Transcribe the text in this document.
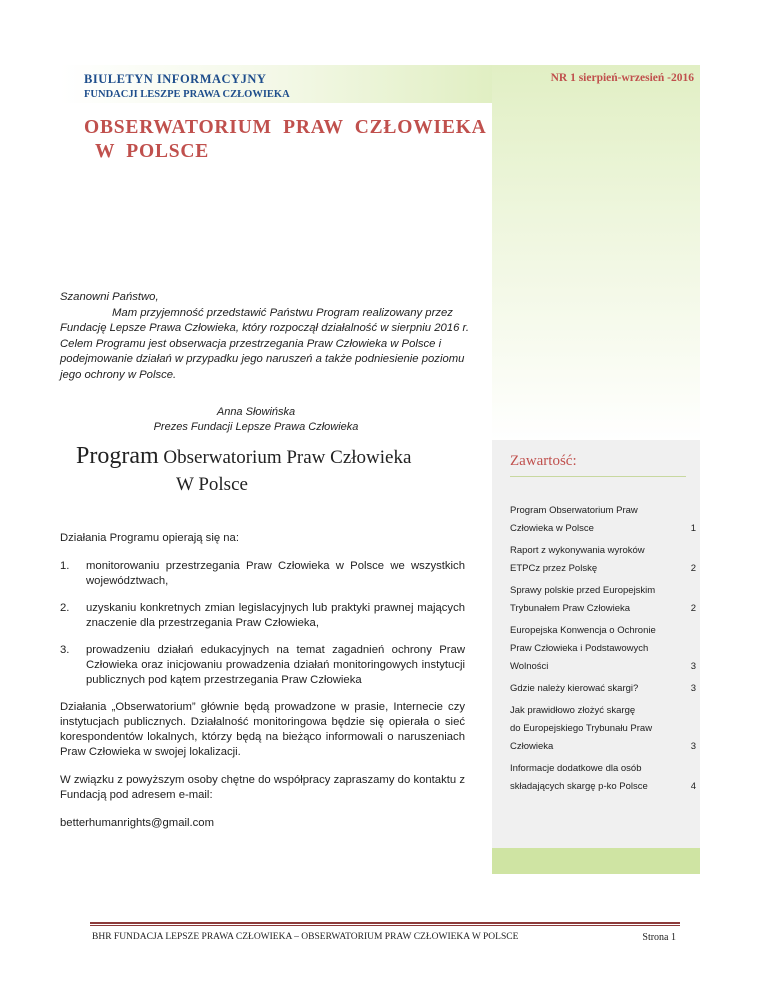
BIULETYN INFORMACYJNY
FUNDACJI LESZPE PRAWA CZŁOWIEKA
NR 1 sierpień-wrzesień -2016
OBSERWATORIUM  PRAW  CZŁOWIEKA
W  POLSCE
Szanowni Państwo,
Mam przyjemność przedstawić Państwu Program realizowany przez
Fundację Lepsze Prawa Człowieka, który rozpoczął działalność w sierpniu 2016 r. Celem Programu jest obserwacja przestrzegania Praw Człowieka w Polsce i podejmowanie działań w przypadku jego naruszeń a także podniesienie poziomu jego ochrony w Polsce.
Anna Słowińska
Prezes Fundacji Lepsze Prawa Człowieka
Program Obserwatorium Praw Człowieka
W Polsce
Zawartość:
Program Obserwatorium Praw
Człowieka w Polsce	1
Raport z wykonywania wyroków
ETPCz przez Polskę	2
Sprawy polskie przed Europejskim
Trybunałem Praw Człowieka	2
Europejska Konwencja o Ochronie
Praw Człowieka i Podstawowych
Wolności	3
Gdzie należy kierować skargi?	3
Jak prawidłowo złożyć skargę
do Europejskiego Trybunału Praw
Człowieka	3
Informacje dodatkowe dla osób
składających skargę p-ko Polsce	4

Działania Programu opierają się na:

1.	monitorowaniu przestrzegania Praw Człowieka w Polsce we wszystkich województwach,
2.	uzyskaniu konkretnych zmian legislacyjnych lub praktyki prawnej mających znaczenie dla przestrzegania Praw Człowieka,
3.	prowadzeniu działań edukacyjnych na temat zagadnień ochrony Praw Człowieka oraz inicjowaniu prowadzenia działań monitoringowych instytucji publicznych pod kątem przestrzegania Praw Człowieka

Działania „Obserwatorium” głównie będą prowadzone w prasie, Internecie czy instytucjach publicznych. Działalność monitoringowa będzie się opierała o sieć korespondentów lokalnych, którzy będą na bieżąco informowali o naruszeniach Praw Człowieka w swojej lokalizacji.

W związku z powyższym osoby chętne do współpracy zapraszamy do kontaktu z Fundacją pod adresem e-mail:

betterhumanrights@gmail.com

BHR FUNDACJA LEPSZE PRAWA CZŁOWIEKA – OBSERWATORIUM PRAW CZŁOWIEKA W POLSCE	Strona 1
